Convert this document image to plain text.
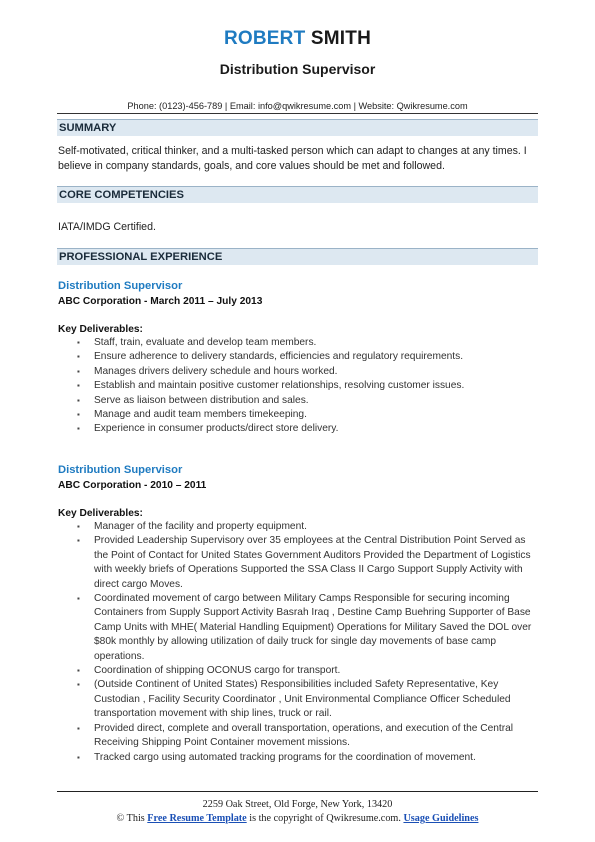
ROBERT SMITH
Distribution Supervisor
Phone: (0123)-456-789 | Email: info@qwikresume.com | Website: Qwikresume.com
SUMMARY
Self-motivated, critical thinker, and a multi-tasked person which can adapt to changes at any times. I believe in company standards, goals, and core values should be met and followed.
CORE COMPETENCIES
IATA/IMDG Certified.
PROFESSIONAL EXPERIENCE
Distribution Supervisor
ABC Corporation - March 2011 – July 2013
Key Deliverables:
▪ Staff, train, evaluate and develop team members.
▪ Ensure adherence to delivery standards, efficiencies and regulatory requirements.
▪ Manages drivers delivery schedule and hours worked.
▪ Establish and maintain positive customer relationships, resolving customer issues.
▪ Serve as liaison between distribution and sales.
▪ Manage and audit team members timekeeping.
▪ Experience in consumer products/direct store delivery.
Distribution Supervisor
ABC Corporation - 2010 – 2011
Key Deliverables:
▪ Manager of the facility and property equipment.
▪ Provided Leadership Supervisory over 35 employees at the Central Distribution Point Served as the Point of Contact for United States Government Auditors Provided the Department of Logistics with weekly briefs of Operations Supported the SSA Class II Cargo Support Supply Activity with direct cargo Moves.
▪ Coordinated movement of cargo between Military Camps Responsible for securing incoming Containers from Supply Support Activity Basrah Iraq , Destine Camp Buehring Supporter of Base Camp Units with MHE( Material Handling Equipment) Operations for Military Saved the DOL over $80k monthly by allowing utilization of daily truck for single day movements of base camp operations.
▪ Coordination of shipping OCONUS cargo for transport.
▪ (Outside Continent of United States) Responsibilities included Safety Representative, Key Custodian , Facility Security Coordinator , Unit Environmental Compliance Officer Scheduled transportation movement with ship lines, truck or rail.
▪ Provided direct, complete and overall transportation, operations, and execution of the Central Receiving Shipping Point Container movement missions.
▪ Tracked cargo using automated tracking programs for the coordination of movement.
2259 Oak Street, Old Forge, New York, 13420
© This Free Resume Template is the copyright of Qwikresume.com. Usage Guidelines
